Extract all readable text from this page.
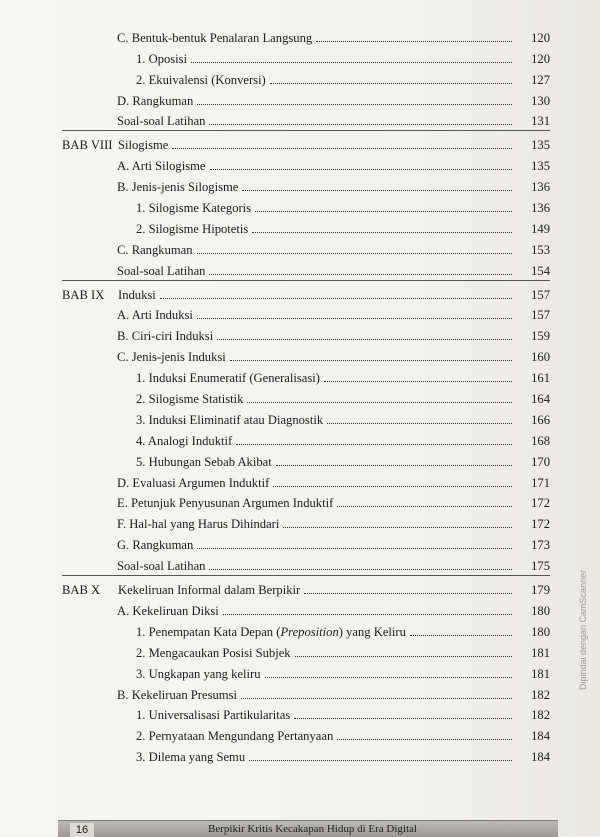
C. Bentuk-bentuk Penalaran Langsung	120
1. Oposisi	120
2. Ekuivalensi (Konversi)	127
D. Rangkuman	130
Soal-soal Latihan	131
BAB VIII Silogisme	135
A. Arti Silogisme	135
B. Jenis-jenis Silogisme	136
1. Silogisme Kategoris	136
2. Silogisme Hipotetis	149
C. Rangkuman	153
Soal-soal Latihan	154
BAB IX Induksi	157
A. Arti Induksi	157
B. Ciri-ciri Induksi	159
C. Jenis-jenis Induksi	160
1. Induksi Enumeratif (Generalisasi)	161
2. Silogisme Statistik	164
3. Induksi Eliminatif atau Diagnostik	166
4. Analogi Induktif	168
5. Hubungan Sebab Akibat	170
D. Evaluasi Argumen Induktif	171
E. Petunjuk Penyusunan Argumen Induktif	172
F. Hal-hal yang Harus Dihindari	172
G. Rangkuman	173
Soal-soal Latihan	175
BAB X Kekeliruan Informal dalam Berpikir	179
A. Kekeliruan Diksi	180
1. Penempatan Kata Depan (Preposition) yang Keliru	180
2. Mengacaukan Posisi Subjek	181
3. Ungkapan yang keliru	181
B. Kekeliruan Presumsi	182
1. Universalisasi Partikularitas	182
2. Pernyataan Mengundang Pertanyaan	184
3. Dilema yang Semu	184
16	Berpikir Kritis Kecakapan Hidup di Era Digital
Dipindai dengan CamScanner
